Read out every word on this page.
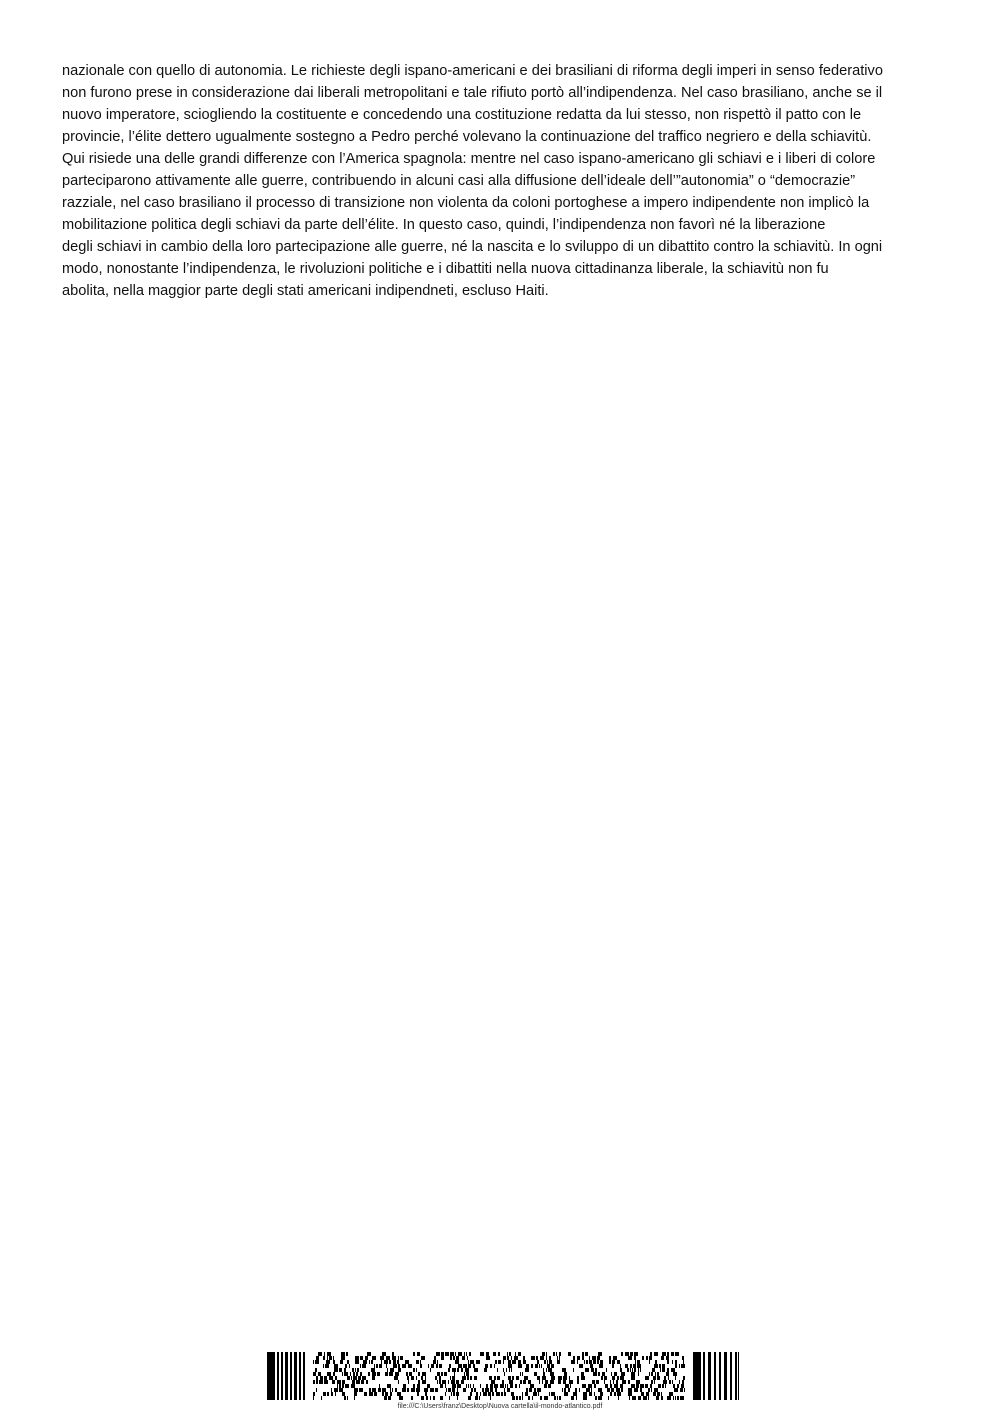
nazionale con quello di autonomia. Le richieste degli ispano-americani e dei brasiliani di riforma degli imperi in senso federativo
non furono prese in considerazione dai liberali metropolitani e tale rifiuto portò all’indipendenza. Nel caso brasiliano, anche se il
nuovo imperatore, sciogliendo la costituente e concedendo una costituzione redatta da lui stesso, non rispettò il patto con le
provincie, l’élite dettero ugualmente sostegno a Pedro perché volevano la continuazione del traffico negriero e della schiavitù.
Qui risiede una delle grandi differenze con l’America spagnola: mentre nel caso ispano-americano gli schiavi e i liberi di colore
parteciparono attivamente alle guerre, contribuendo in alcuni casi alla diffusione dell’ideale dell’”autonomia” o “democrazie”
razziale, nel caso brasiliano il processo di transizione non violenta da coloni portoghese a impero indipendente non implicò la
mobilitazione politica degli schiavi da parte dell’élite. In questo caso, quindi, l’indipendenza non favorì né la liberazione
degli schiavi in cambio della loro partecipazione alle guerre, né la nascita e lo sviluppo di un dibattito contro la schiavitù. In ogni
modo, nonostante l’indipendenza, le rivoluzioni politiche e i dibattiti nella nuova cittadinanza liberale, la schiavitù non fu
abolita, nella maggior parte degli stati americani indipendneti, escluso Haiti.
file:///C:\Users\franz\Desktop\Nuova cartella\il-mondo-atlantico.pdf
